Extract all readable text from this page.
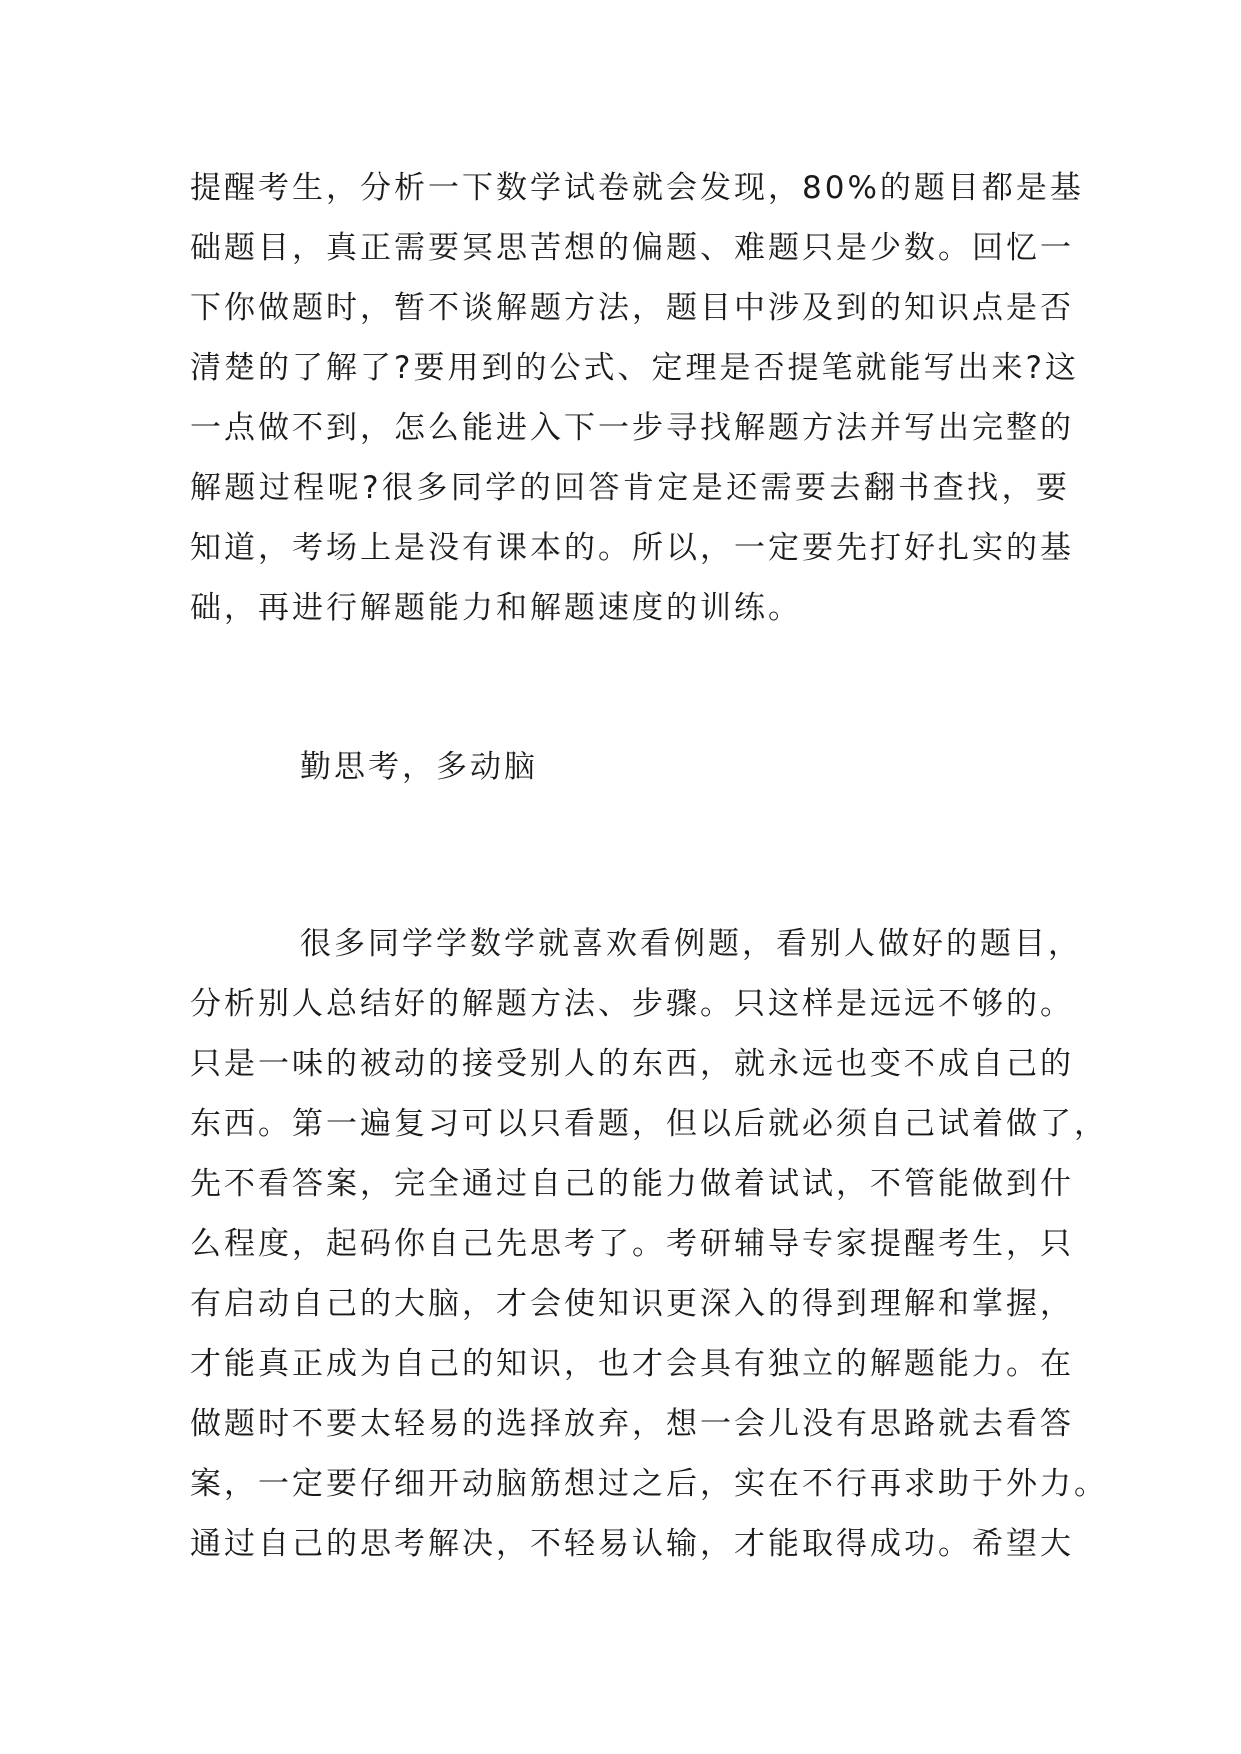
提醒考生，分析一下数学试卷就会发现，80%的题目都是基
础题目，真正需要冥思苦想的偏题、难题只是少数。回忆一
下你做题时，暂不谈解题方法，题目中涉及到的知识点是否
清楚的了解了?要用到的公式、定理是否提笔就能写出来?这
一点做不到，怎么能进入下一步寻找解题方法并写出完整的
解题过程呢?很多同学的回答肯定是还需要去翻书查找，要
知道，考场上是没有课本的。所以，一定要先打好扎实的基
础，再进行解题能力和解题速度的训练。
勤思考，多动脑
很多同学学数学就喜欢看例题，看别人做好的题目，
分析别人总结好的解题方法、步骤。只这样是远远不够的。
只是一味的被动的接受别人的东西，就永远也变不成自己的
东西。第一遍复习可以只看题，但以后就必须自己试着做了，
先不看答案，完全通过自己的能力做着试试，不管能做到什
么程度，起码你自己先思考了。考研辅导专家提醒考生，只
有启动自己的大脑，才会使知识更深入的得到理解和掌握，
才能真正成为自己的知识，也才会具有独立的解题能力。在
做题时不要太轻易的选择放弃，想一会儿没有思路就去看答
案，一定要仔细开动脑筋想过之后，实在不行再求助于外力。
通过自己的思考解决，不轻易认输，才能取得成功。希望大
